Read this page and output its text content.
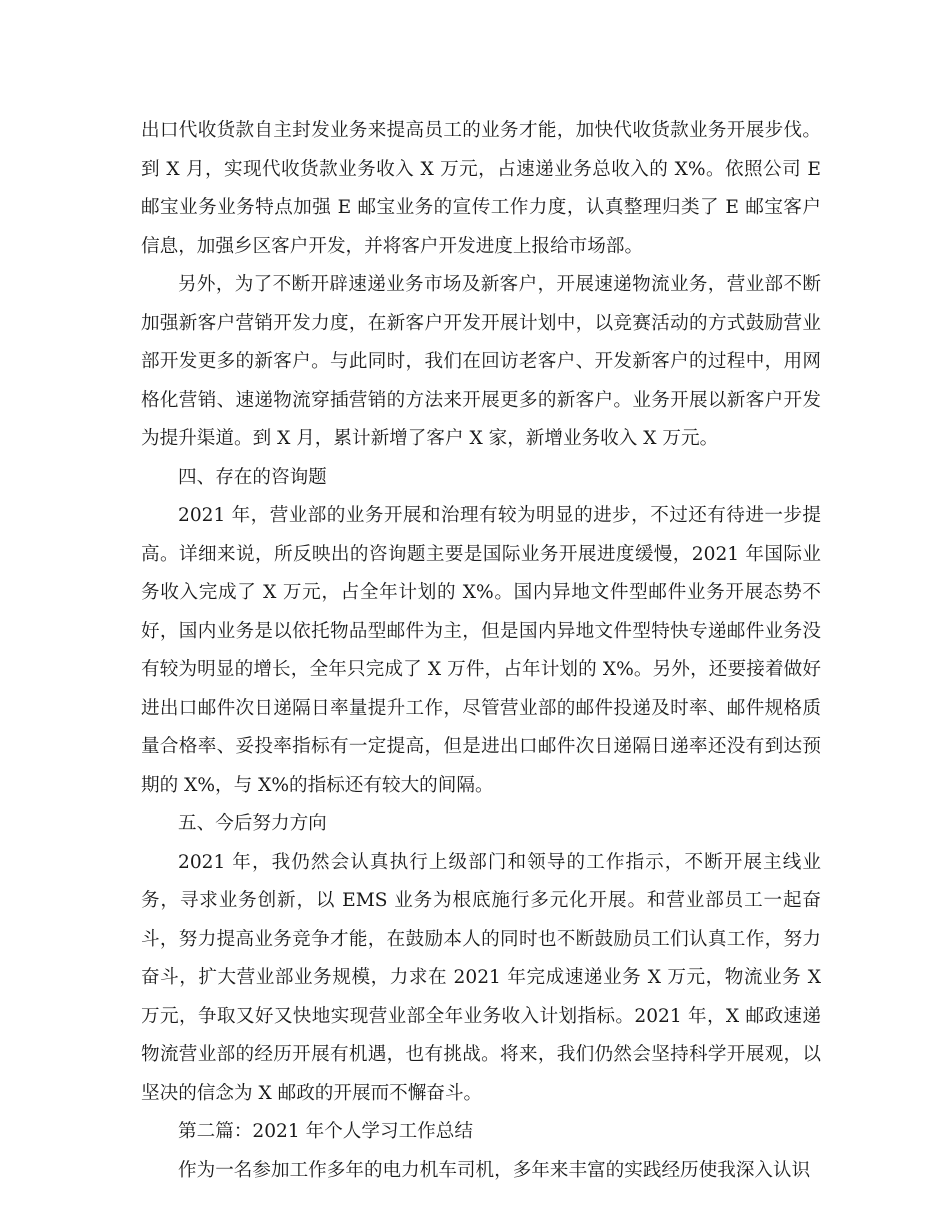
出口代收货款自主封发业务来提高员工的业务才能，加快代收货款业务开展步伐。到 X 月，实现代收货款业务收入 X 万元，占速递业务总收入的 X%。依照公司 E 邮宝业务业务特点加强 E 邮宝业务的宣传工作力度，认真整理归类了 E 邮宝客户信息，加强乡区客户开发，并将客户开发进度上报给市场部。

另外，为了不断开辟速递业务市场及新客户，开展速递物流业务，营业部不断加强新客户营销开发力度，在新客户开发开展计划中，以竞赛活动的方式鼓励营业部开发更多的新客户。与此同时，我们在回访老客户、开发新客户的过程中，用网格化营销、速递物流穿插营销的方法来开展更多的新客户。业务开展以新客户开发为提升渠道。到 X 月，累计新增了客户 X 家，新增业务收入 X 万元。

四、存在的咨询题

2021 年，营业部的业务开展和治理有较为明显的进步，不过还有待进一步提高。详细来说，所反映出的咨询题主要是国际业务开展进度缓慢，2021 年国际业务收入完成了 X 万元，占全年计划的 X%。国内异地文件型邮件业务开展态势不好，国内业务是以依托物品型邮件为主，但是国内异地文件型特快专递邮件业务没有较为明显的增长，全年只完成了 X 万件，占年计划的 X%。另外，还要接着做好进出口邮件次日递隔日率量提升工作，尽管营业部的邮件投递及时率、邮件规格质量合格率、妥投率指标有一定提高，但是进出口邮件次日递隔日递率还没有到达预期的 X%，与 X%的指标还有较大的间隔。

五、今后努力方向

2021 年，我仍然会认真执行上级部门和领导的工作指示，不断开展主线业务，寻求业务创新，以 EMS 业务为根底施行多元化开展。和营业部员工一起奋斗，努力提高业务竞争才能，在鼓励本人的同时也不断鼓励员工们认真工作，努力奋斗，扩大营业部业务规模，力求在 2021 年完成速递业务 X 万元，物流业务 X 万元，争取又好又快地实现营业部全年业务收入计划指标。2021 年，X 邮政速递物流营业部的经历开展有机遇，也有挑战。将来，我们仍然会坚持科学开展观，以坚决的信念为 X 邮政的开展而不懈奋斗。

第二篇：2021 年个人学习工作总结

作为一名参加工作多年的电力机车司机，多年来丰富的实践经历使我深入认识
